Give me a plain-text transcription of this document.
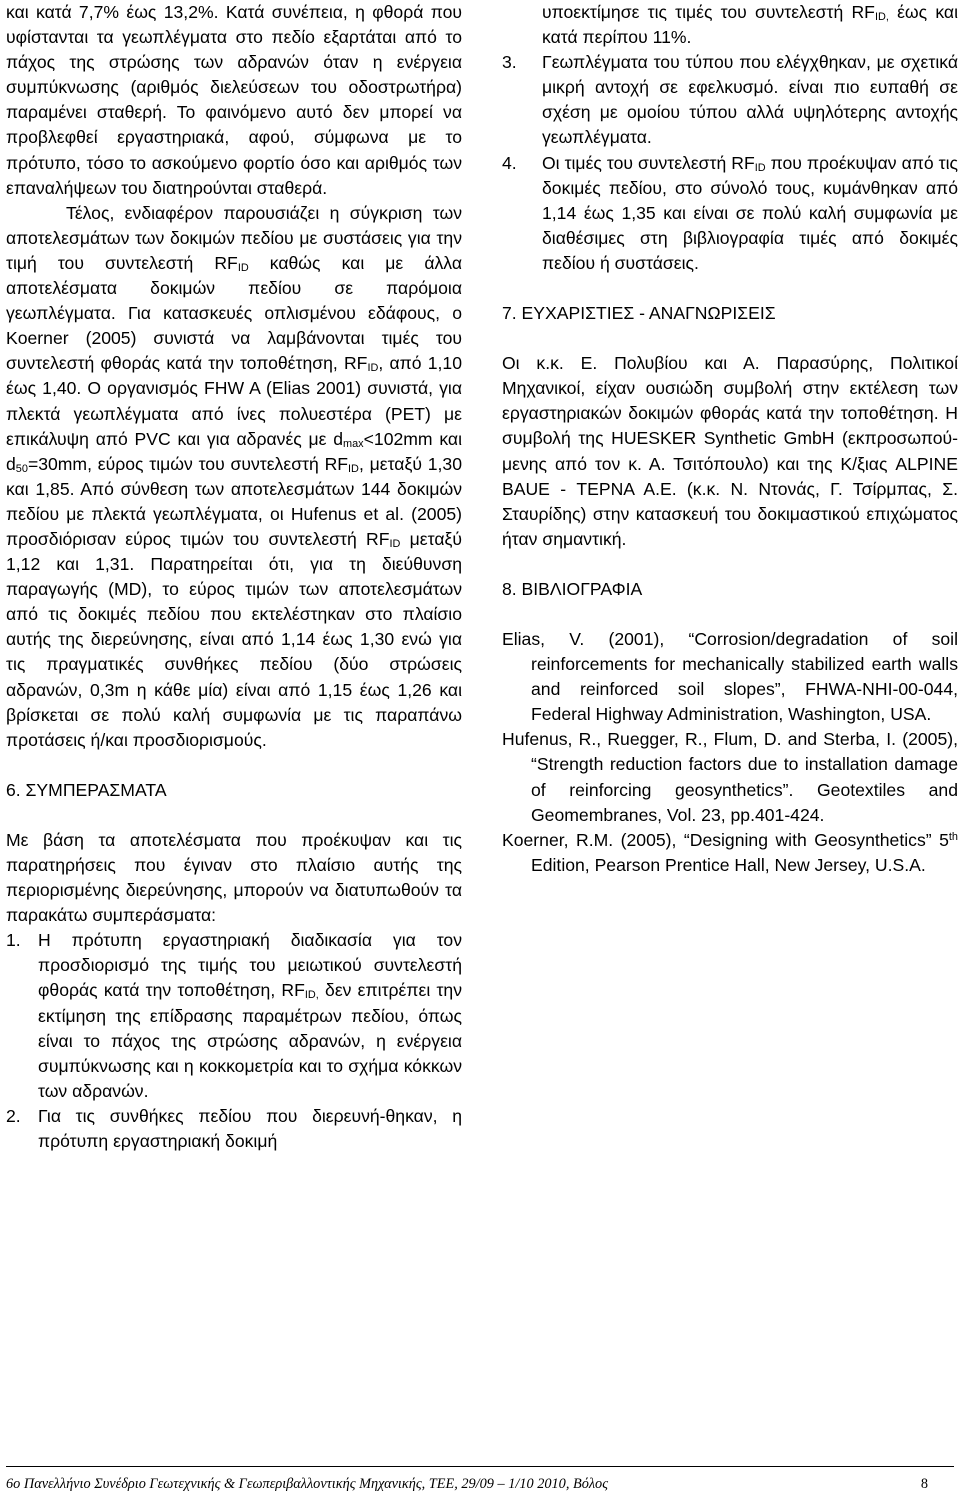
και κατά 7,7% έως 13,2%. Κατά συνέπεια, η φθορά που υφίστανται τα γεωπλέγματα στο πεδίο εξαρτάται από το πάχος της στρώσης των αδρανών όταν η ενέργεια συμπύκνωσης (αριθμός διελεύσεων του οδοστρωτήρα) παραμένει σταθερή. Το φαινόμενο αυτό δεν μπορεί να προβλεφθεί εργαστηριακά, αφού, σύμφωνα με το πρότυπο, τόσο το ασκούμενο φορτίο όσο και αριθμός των επαναλήψεων του διατηρούνται σταθερά.

Τέλος, ενδιαφέρον παρουσιάζει η σύγκριση των αποτελεσμάτων των δοκιμών πεδίου με συστάσεις για την τιμή του συντελεστή $RF_{ID}$ καθώς και με άλλα αποτελέσματα δοκιμών πεδίου σε παρόμοια γεωπλέγματα. Για κατασκευές οπλισμένου εδάφους, ο Koerner (2005) συνιστά να λαμβάνονται τιμές του συντελεστή φθοράς κατά την τοποθέτηση, $RF_{ID}$, από 1,10 έως 1,40. Ο οργανισμός FHW A (Elias 2001) συνιστά, για πλεκτά γεωπλέγματα από ίνες πολυεστέρα (PET) με επικάλυψη από PVC και για αδρανές με $d_{max}<102mm$ και $d_{50}=30mm$, εύρος τιμών του συντελεστή $RF_{ID}$, μεταξύ 1,30 και 1,85. Από σύνθεση των αποτελεσμάτων 144 δοκιμών πεδίου με πλεκτά γεωπλέγματα, οι Hufenus et al. (2005) προσδιόρισαν εύρος τιμών του συντελεστή $RF_{ID}$ μεταξύ 1,12 και 1,31. Παρατηρείται ότι, για τη διεύθυνση παραγωγής (MD), το εύρος τιμών των αποτελεσμάτων από τις δοκιμές πεδίου που εκτελέστηκαν στο πλαίσιο αυτής της διερεύνησης, είναι από 1,14 έως 1,30 ενώ για τις πραγματικές συνθήκες πεδίου (δύο στρώσεις αδρανών, 0,3m η κάθε μία) είναι από 1,15 έως 1,26 και βρίσκεται σε πολύ καλή συμφωνία με τις παραπάνω προτάσεις ή/και προσδιορισμούς.

6. ΣΥΜΠΕΡΑΣΜΑΤΑ

Με βάση τα αποτελέσματα που προέκυψαν και τις παρατηρήσεις που έγιναν στο πλαίσιο αυτής της περιορισμένης διερεύνησης, μπορούν να διατυπωθούν τα παρακάτω συμπεράσματα:

1. Η πρότυπη εργαστηριακή διαδικασία για τον προσδιορισμό της τιμής του μειωτικού συντελεστή φθοράς κατά την τοποθέτηση, $RF_{ID,}$ δεν επιτρέπει την εκτίμηση της επίδρασης παραμέτρων πεδίου, όπως είναι το πάχος της στρώσης αδρανών, η ενέργεια συμπύκνωσης και η κοκκομετρία και το σχήμα κόκκων των αδρανών.
2. Για τις συνθήκες πεδίου που διερευνή-θηκαν, η πρότυπη εργαστηριακή δοκιμή
υποεκτίμησε τις τιμές του συντελεστή $RF_{ID,}$ έως και κατά περίπου 11%.
3. Γεωπλέγματα του τύπου που ελέγχθηκαν, με σχετικά μικρή αντοχή σε εφελκυσμό. είναι πιο ευπαθή σε σχέση με ομοίου τύπου αλλά υψηλότερης αντοχής γεωπλέγματα.
4. Οι τιμές του συντελεστή $RF_{ID}$ που προέκυψαν από τις δοκιμές πεδίου, στο σύνολό τους, κυμάνθηκαν από 1,14 έως 1,35 και είναι σε πολύ καλή συμφωνία με διαθέσιμες στη βιβλιογραφία τιμές από δοκιμές πεδίου ή συστάσεις.

7. ΕΥΧΑΡΙΣΤΙΕΣ - ΑΝΑΓΝΩΡΙΣΕΙΣ

Οι κ.κ. Ε. Πολυβίου και Α. Παρασύρης, Πολιτικοί Μηχανικοί, είχαν ουσιώδη συμβολή στην εκτέλεση των εργαστηριακών δοκιμών φθοράς κατά την τοποθέτηση. Η συμβολή της HUESKER Synthetic GmbH (εκπροσωπού-μενης από τον κ. Α. Τσιτόπουλο) και της Κ/ξιας ALPINE BAUE - ΤΕΡΝΑ Α.Ε. (κ.κ. Ν. Ντονάς, Γ. Τσίρμπας, Σ. Σταυρίδης) στην κατασκευή του δοκιμαστικού επιχώματος ήταν σημαντική.

8. ΒΙΒΛΙΟΓΡΑΦΙΑ

Elias, V. (2001), “Corrosion/degradation of soil reinforcements for mechanically stabilized earth walls and reinforced soil slopes”, FHWA-NHI-00-044, Federal Highway Administration, Washington, USA.

Hufenus, R., Ruegger, R., Flum, D. and Sterba, I. (2005), “Strength reduction factors due to installation damage of reinforcing geosynthetics”. Geotextiles and Geomembranes, Vol. 23, pp.401-424.

Koerner, R.M. (2005), “Designing with Geosynthetics” 5th Edition, Pearson Prentice Hall, New Jersey, U.S.A.

6ο Πανελλήνιο Συνέδριο Γεωτεχνικής & Γεωπεριβαλλοντικής Μηχανικής, ΤΕΕ, 29/09 – 1/10 2010, Βόλος	8
